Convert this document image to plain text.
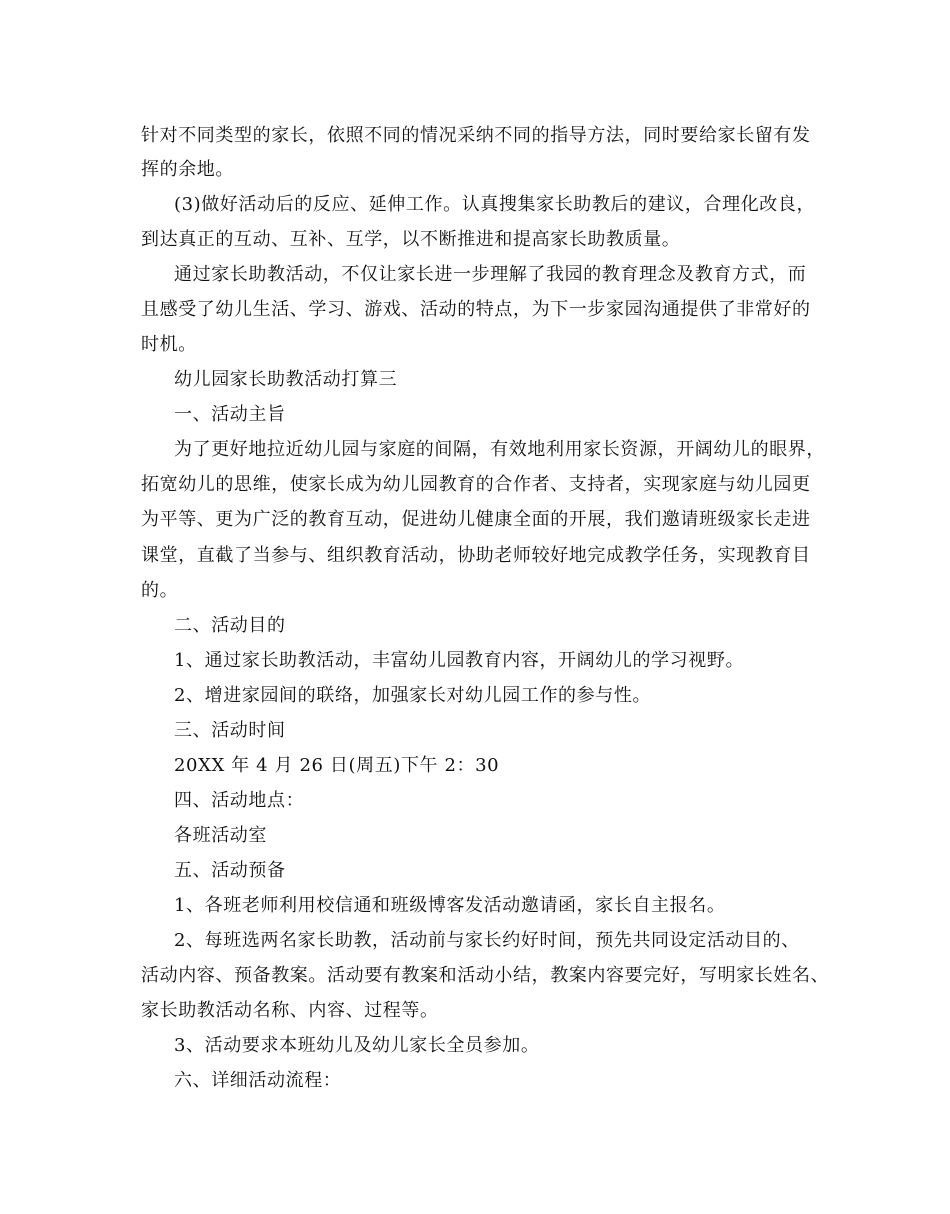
针对不同类型的家长，依照不同的情况采纳不同的指导方法，同时要给家长留有发
挥的余地。
(3)做好活动后的反应、延伸工作。认真搜集家长助教后的建议，合理化改良，
到达真正的互动、互补、互学，以不断推进和提高家长助教质量。
通过家长助教活动，不仅让家长进一步理解了我园的教育理念及教育方式，而
且感受了幼儿生活、学习、游戏、活动的特点，为下一步家园沟通提供了非常好的
时机。
幼儿园家长助教活动打算三
一、活动主旨
为了更好地拉近幼儿园与家庭的间隔，有效地利用家长资源，开阔幼儿的眼界，
拓宽幼儿的思维，使家长成为幼儿园教育的合作者、支持者，实现家庭与幼儿园更
为平等、更为广泛的教育互动，促进幼儿健康全面的开展，我们邀请班级家长走进
课堂，直截了当参与、组织教育活动，协助老师较好地完成教学任务，实现教育目
的。
二、活动目的
1、通过家长助教活动，丰富幼儿园教育内容，开阔幼儿的学习视野。
2、增进家园间的联络，加强家长对幼儿园工作的参与性。
三、活动时间
20XX 年 4 月 26 日(周五)下午 2：30
四、活动地点：
各班活动室
五、活动预备
1、各班老师利用校信通和班级博客发活动邀请函，家长自主报名。
2、每班选两名家长助教，活动前与家长约好时间，预先共同设定活动目的、
活动内容、预备教案。活动要有教案和活动小结，教案内容要完好，写明家长姓名、
家长助教活动名称、内容、过程等。
3、活动要求本班幼儿及幼儿家长全员参加。
六、详细活动流程：
